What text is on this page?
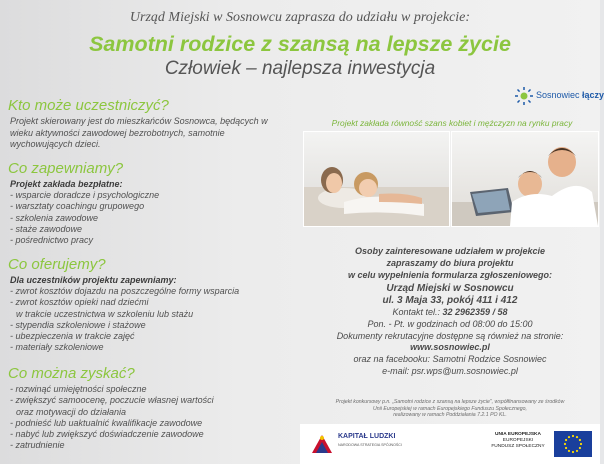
Urząd Miejski w Sosnowcu zaprasza do udziału w projekcie:
Samotni rodzice z szansą na lepsze życie
Człowiek – najlepsza inwestycja
Sosnowiec łączy
Kto może uczestniczyć?
Projekt skierowany jest do mieszkańców Sosnowca, będących w wieku aktywności zawodowej bezrobotnych, samotnie wychowujących dzieci.
Co zapewniamy?
Projekt zakłada bezpłatne:
- wsparcie doradcze i psychologiczne
- warsztaty coachingu grupowego
- szkolenia zawodowe
- staże zawodowe
- pośrednictwo pracy
Co oferujemy?
Dla uczestników projektu zapewniamy:
- zwrot kosztów dojazdu na poszczególne formy wsparcia
- zwrot kosztów opieki nad dziećmi
w trakcie uczestnictwa w szkoleniu lub stażu
- stypendia szkoleniowe i stażowe
- ubezpieczenia w trakcie zajęć
- materiały szkoleniowe
Co można zyskać?
- rozwinąć umiejętności społeczne
- zwiększyć samoocenę, poczucie własnej wartości
oraz motywacji do działania
- podnieść lub uaktualnić kwalifikacje zawodowe
- nabyć lub zwiększyć doświadczenie zawodowe
- zatrudnienie
Projekt zakłada równość szans kobiet i mężczyzn na rynku pracy
Osoby zainteresowane udziałem w projekcie
zapraszamy do biura projektu
w celu wypełnienia formularza zgłoszeniowego:
Urząd Miejski w Sosnowcu
ul. 3 Maja 33, pokój 411 i 412
Kontakt tel.: 32 2962359 / 58
Pon. - Pt. w godzinach od 08:00 do 15:00
Dokumenty rekrutacyjne dostępne są również na stronie:
www.sosnowiec.pl
oraz na facebooku: Samotni Rodzice Sosnowiec
e-mail: psr.wps@um.sosnowiec.pl
Projekt konkursowy p.n. „Samotni rodzice z szansą na lepsze życie”, współfinansowany ze środków
Unii Europejskiej w ramach Europejskiego Funduszu Społecznego,
realizowany w ramach Poddziałania 7.2.1 PO KL.
KAPITAŁ LUDZKI
NARODOWA STRATEGIA SPÓJNOŚCI
UNIA EUROPEJSKA
EUROPEJSKI
FUNDUSZ SPOŁECZNY
